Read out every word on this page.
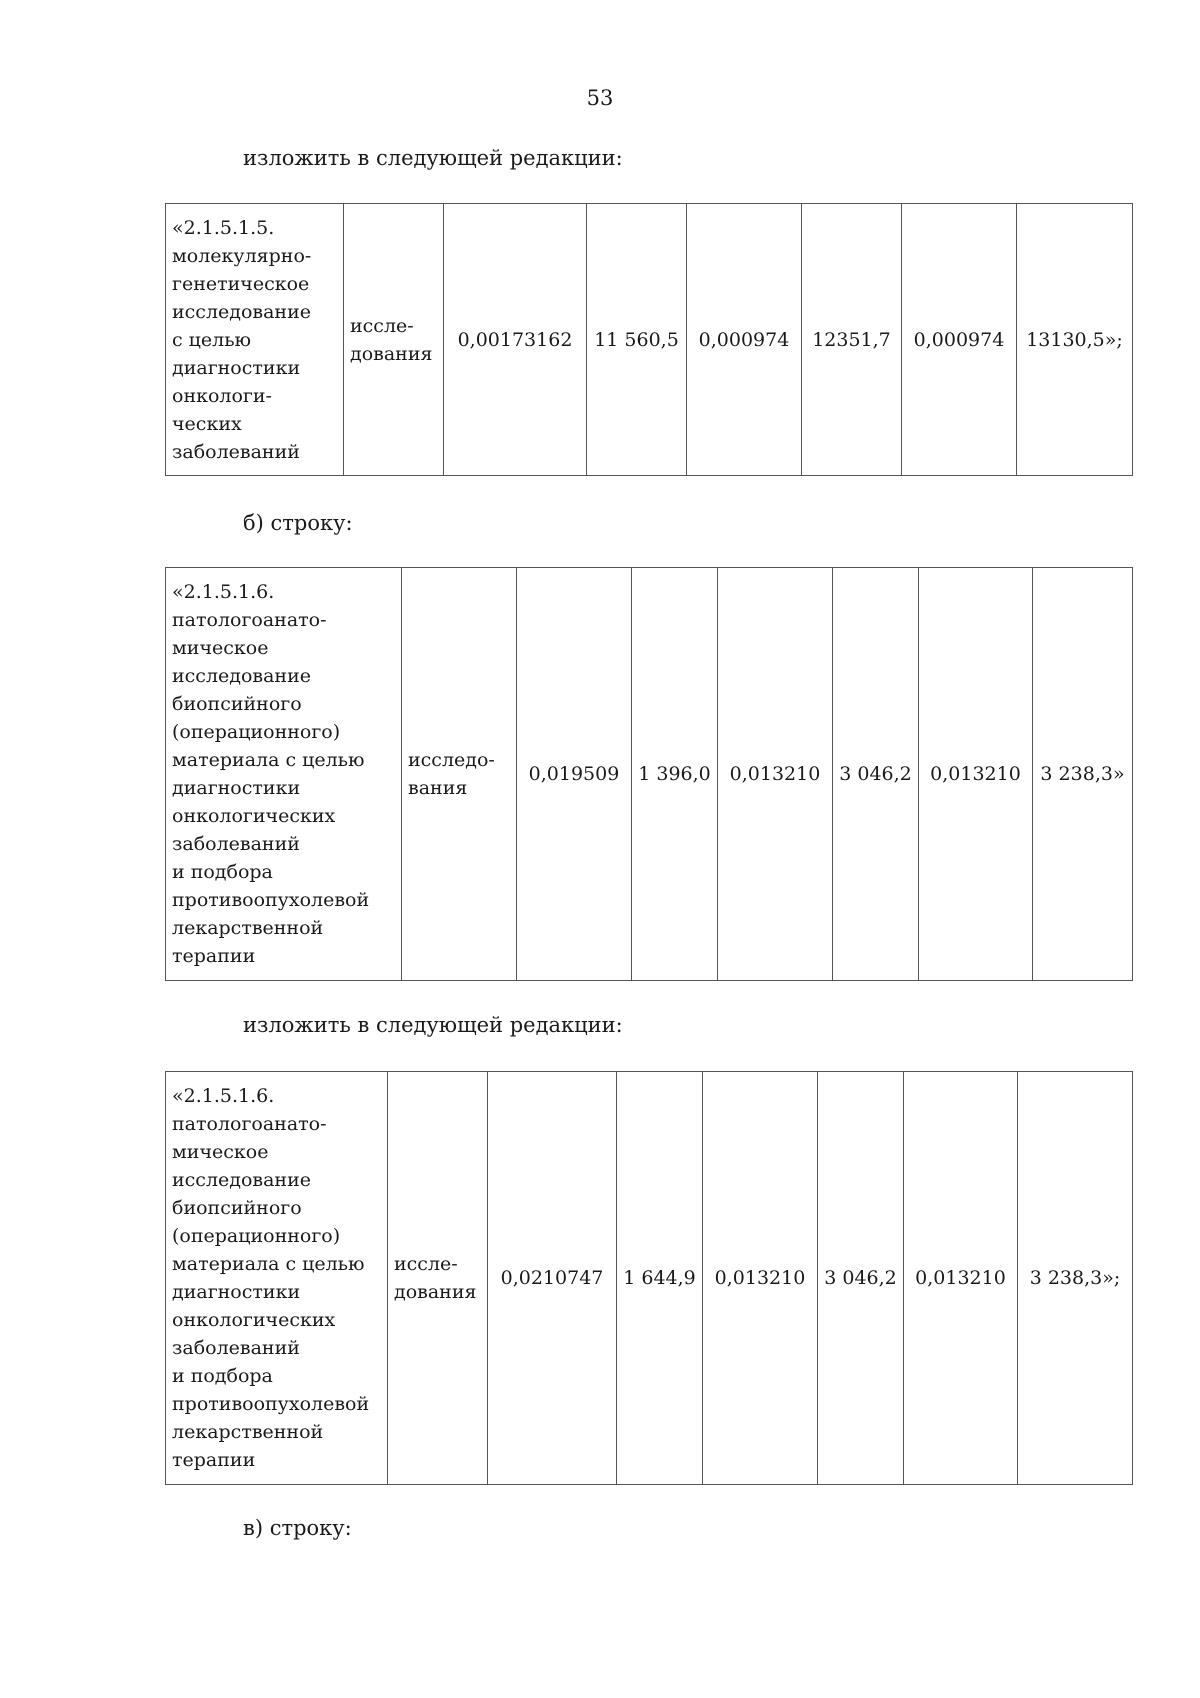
53
изложить в следующей редакции:
«2.1.5.1.5.
молекулярно-
генетическое
исследование
с целью
диагностики
онкологи-
ческих
заболеваний	иссле-
дования	0,00173162	11 560,5	0,000974	12351,7	0,000974	13130,5»;
б) строку:
«2.1.5.1.6.
патологоанато-
мическое
исследование
биопсийного
(операционного)
материала с целью
диагностики
онкологических
заболеваний
и подбора
противоопухолевой
лекарственной
терапии	исследо-
вания	0,019509	1 396,0	0,013210	3 046,2	0,013210	3 238,3»
изложить в следующей редакции:
«2.1.5.1.6.
патологоанато-
мическое
исследование
биопсийного
(операционного)
материала с целью
диагностики
онкологических
заболеваний
и подбора
противоопухолевой
лекарственной
терапии	иссле-
дования	0,0210747	1 644,9	0,013210	3 046,2	0,013210	3 238,3»;
в) строку:
